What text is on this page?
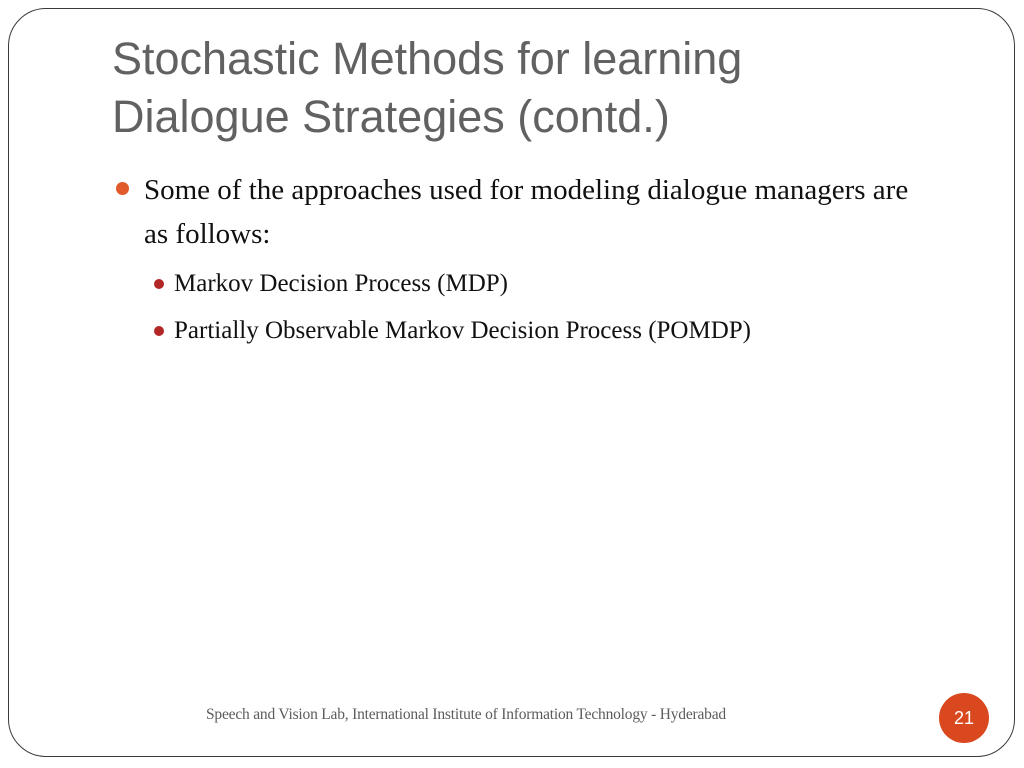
Stochastic Methods for learning
Dialogue Strategies (contd.)
Some of the approaches used for modeling dialogue managers are as follows:
Markov Decision Process (MDP)
Partially Observable Markov Decision Process (POMDP)
Speech and Vision Lab, International Institute of Information Technology - Hyderabad	21
